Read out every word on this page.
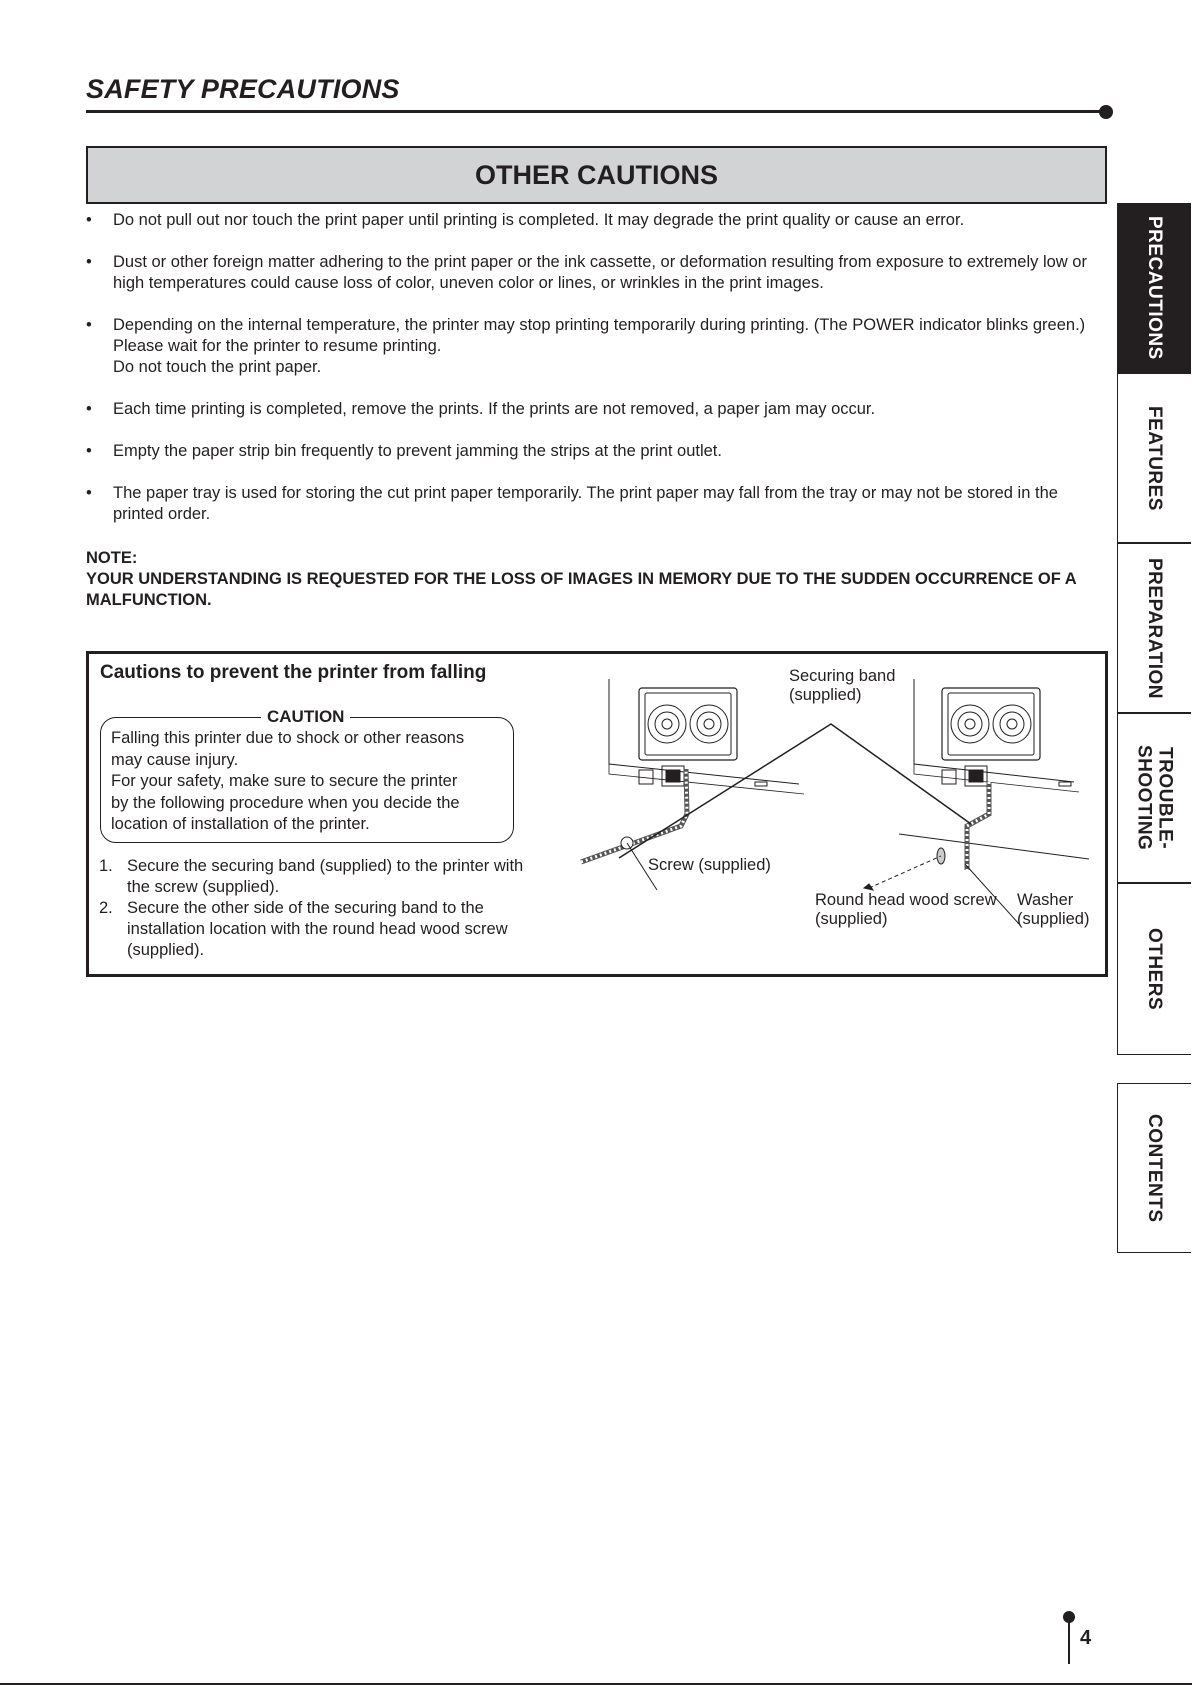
SAFETY PRECAUTIONS
OTHER CAUTIONS
• Do not pull out nor touch the print paper until printing is completed. It may degrade the print quality or cause an error.
• Dust or other foreign matter adhering to the print paper or the ink cassette, or deformation resulting from exposure to extremely low or high temperatures could cause loss of color, uneven color or lines, or wrinkles in the print images.
• Depending on the internal temperature, the printer may stop printing temporarily during printing. (The POWER indicator blinks green.) Please wait for the printer to resume printing.
Do not touch the print paper.
• Each time printing is completed, remove the prints. If the prints are not removed, a paper jam may occur.
• Empty the paper strip bin frequently to prevent jamming the strips at the print outlet.
• The paper tray is used for storing the cut print paper temporarily. The print paper may fall from the tray or may not be stored in the printed order.
NOTE:
YOUR UNDERSTANDING IS REQUESTED FOR THE LOSS OF IMAGES IN MEMORY DUE TO THE SUDDEN OCCURRENCE OF A MALFUNCTION.
Cautions to prevent the printer from falling
CAUTION
Falling this printer due to shock or other reasons
may cause injury.
For your safety, make sure to secure the printer
by the following procedure when you decide the
location of installation of the printer.
1. Secure the securing band (supplied) to the printer with the screw (supplied).
2. Secure the other side of the securing band to the installation location with the round head wood screw (supplied).
Securing band
(supplied)
Screw (supplied)
Round head wood screw
(supplied)
Washer
(supplied)
PRECAUTIONS
FEATURES
PREPARATION
TROUBLE-SHOOTING
OTHERS
CONTENTS
4
